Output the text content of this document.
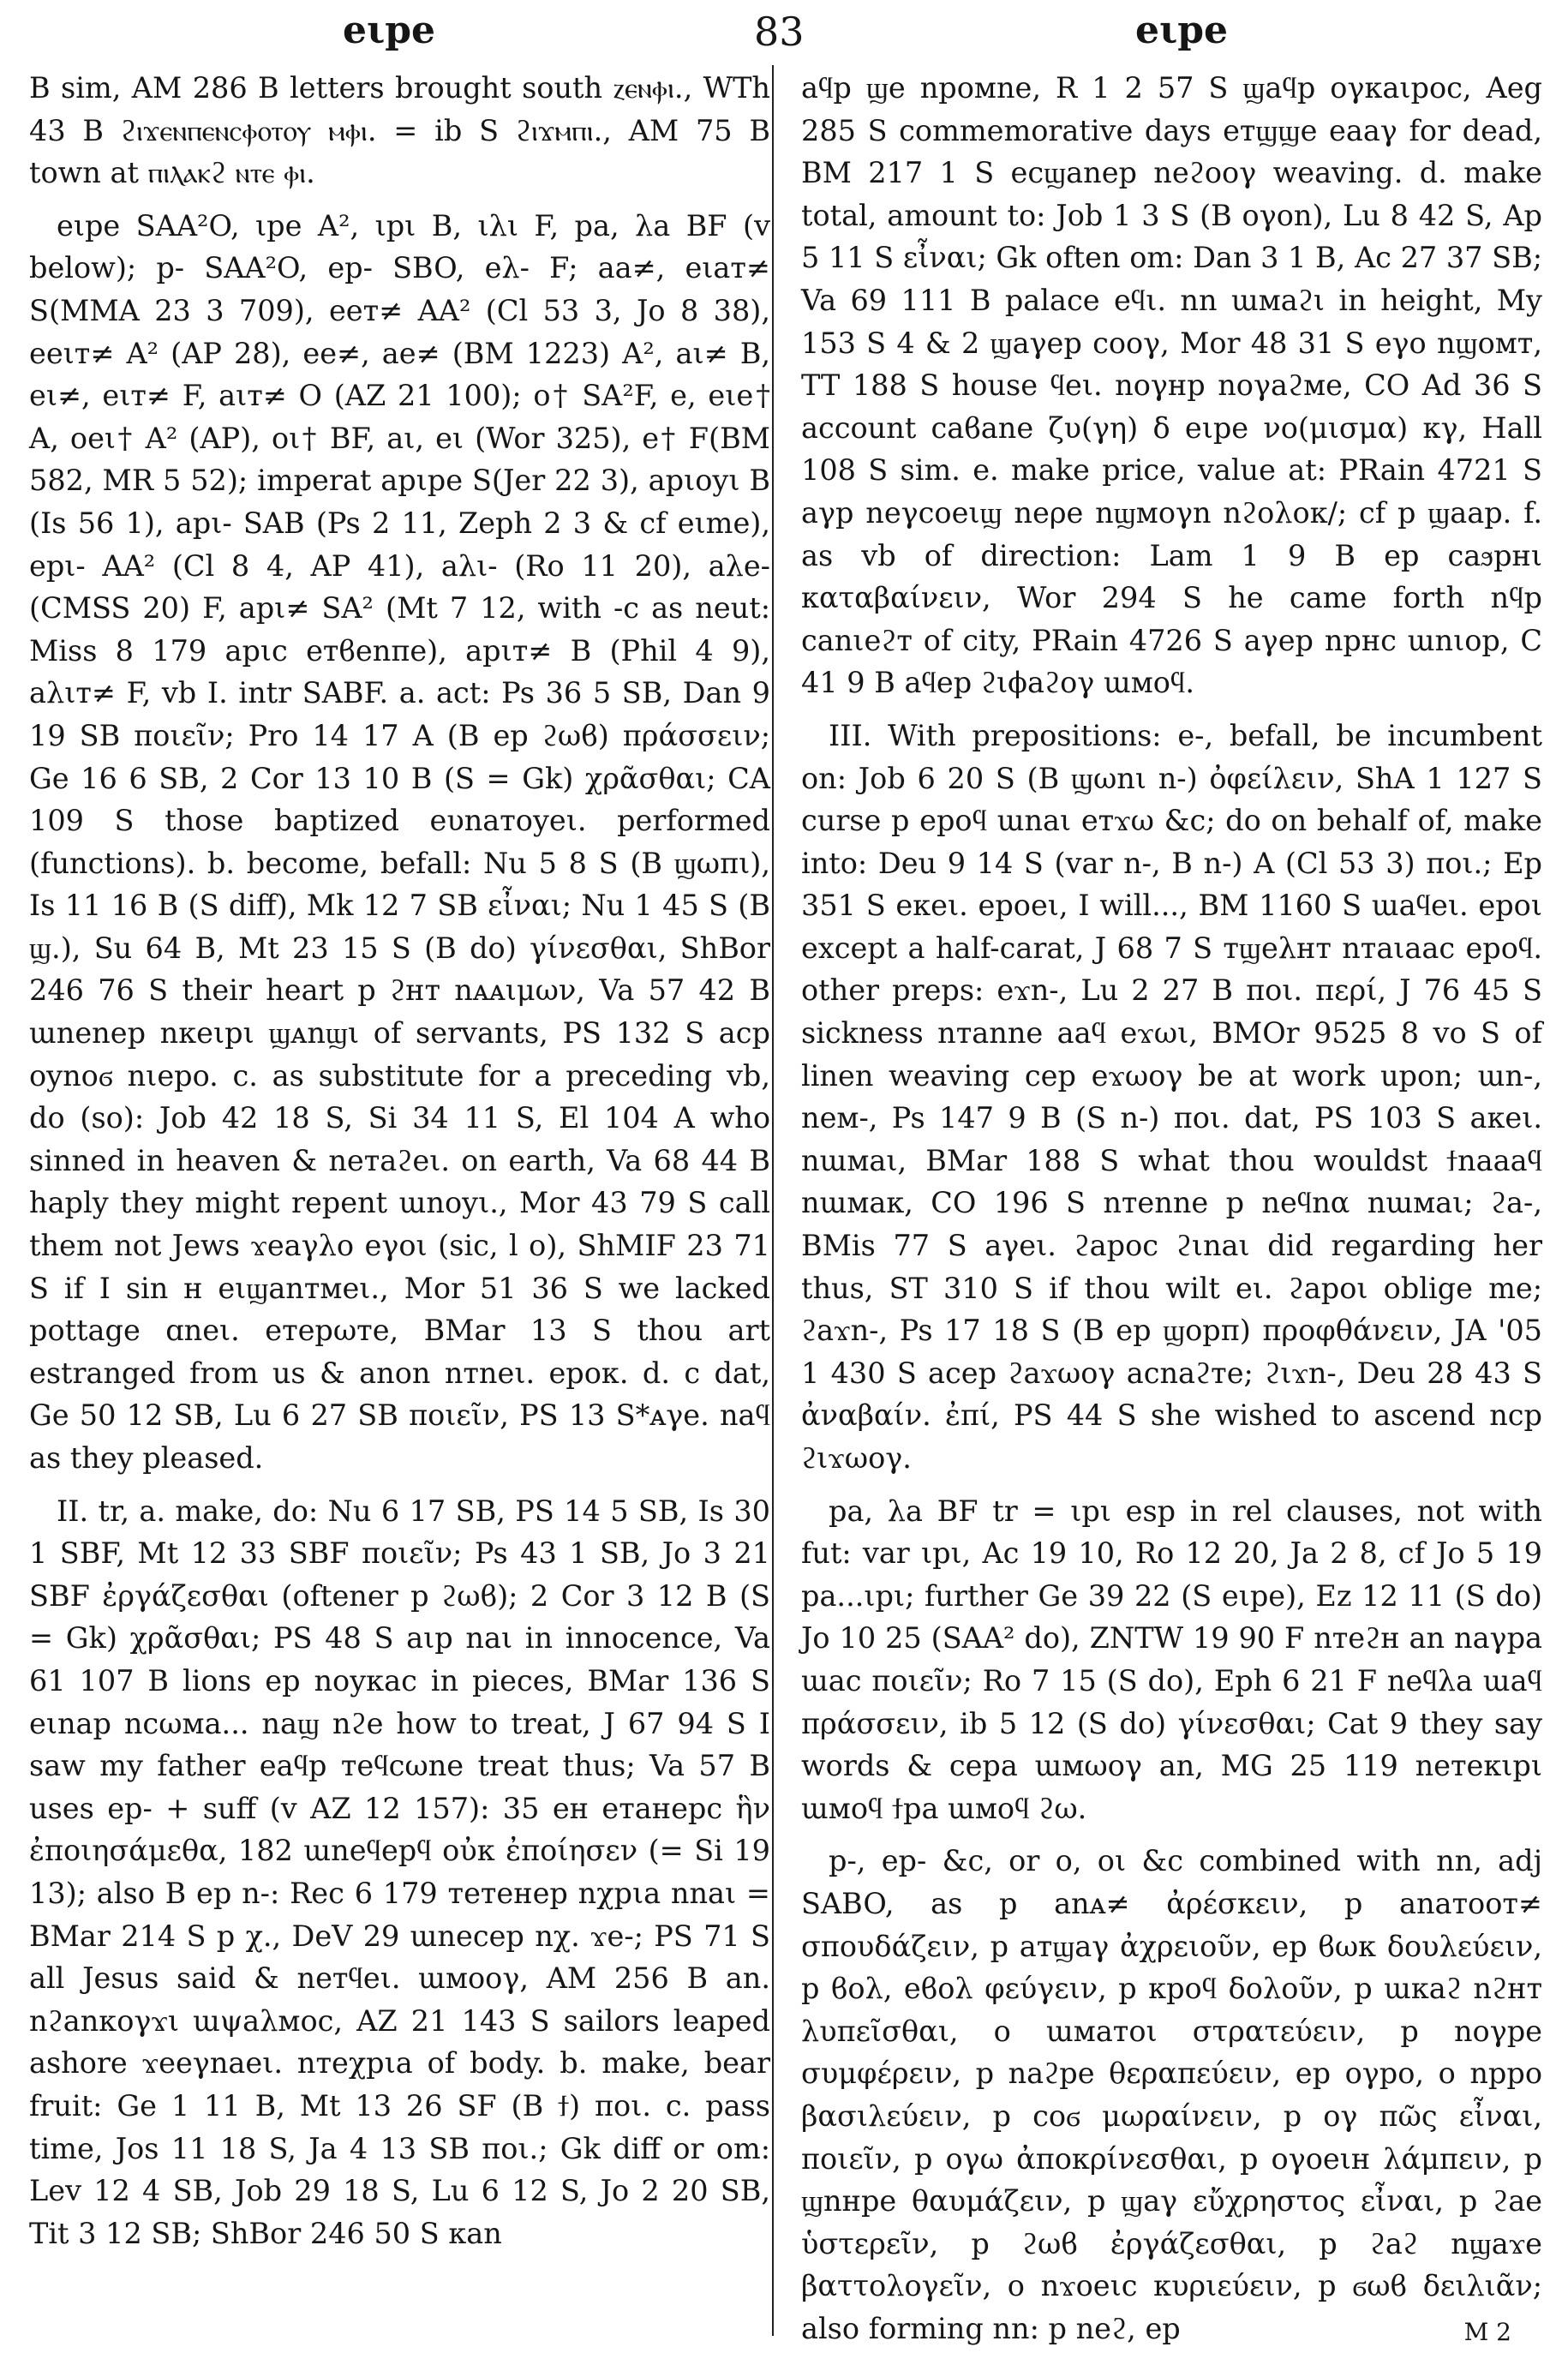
eιpe	83	eιpe

B sim, AM 286 B letters brought south ⲍⲉⲛⲫⲓ., WTh 43 B ϩⲓϫⲉⲛⲡⲉⲛⲥⲫⲟⲧⲟⲩ ⲙⲫⲓ. = ib S ϩⲓϫⲙⲡⲓ., AM 75 B town at ⲡⲓⲗⲁⲕϩ ⲛⲧⲉ ⲫⲓ.

eιpe SAA²O, ιpe A², ιpι B, ιλι F, pa, λa BF (v below); p- SAA²O, ep- SBO, eλ- F; aa≠, eιaт≠ S(MMA 23 3 709), eeт≠ AA² (Cl 53 3, Jo 8 38), eeιт≠ A² (AP 28), ee≠, ae≠ (BM 1223) A², aι≠ B, eι≠, eιт≠ F, aιт≠ O (AZ 21 100); o† SA²F, e, eιe† A, oeι† A² (AP), oι† BF, aι, eι (Wor 325), e† F(BM 582, MR 5 52); imperat apιpe S(Jer 22 3), apιoyι B (Is 56 1), apι- SAB (Ps 2 11, Zeph 2 3 & cf eιme), epι- AA² (Cl 8 4, AP 41), aλι- (Ro 11 20), aλe- (CMSS 20) F, apι≠ SA² (Mt 7 12, with -c as neut: Miss 8 179 apιc eтϐenπe), apιт≠ B (Phil 4 9), aλιт≠ F, vb I. intr SABF. a. act: Ps 36 5 SB, Dan 9 19 SB ποιεῖν; Pro 14 17 A (B ep ϩωϐ) πράσσειν; Ge 16 6 SB, 2 Cor 13 10 B (S = Gk) χρᾶσθαι; CA 109 S those baptized eυnaтoyeι. performed (functions). b. become, befall: Nu 5 8 S (B ϣωπι), Is 11 16 B (S diff), Mk 12 7 SB εἶναι; Nu 1 45 S (B ϣ.), Su 64 B, Mt 23 15 S (B do) γίνεσθαι, ShBor 246 76 S their heart p ϩнт nᴀᴀιμων, Va 57 42 B ɯnenep nкeιpι ϣᴀnϣι of servants, PS 132 S acp oynoϭ nιepo. c. as substitute for a preceding vb, do (so): Job 42 18 S, Si 34 11 S, El 104 A who sinned in heaven & neтaϩeι. on earth, Va 68 44 B haply they might repent ɯnoyι., Mor 43 79 S call them not Jews ϫeaγλo eγoι (sic, l o), ShMIF 23 71 S if I sin н eιϣanтмeι., Mor 51 36 S we lacked pottage ɑneι. eтepωтe, BMar 13 S thou art estranged from us & anon nтneι. epoк. d. c dat, Ge 50 12 SB, Lu 6 27 SB ποιεῖν, PS 13 S*ᴀγe. naϥ as they pleased.

II. tr, a. make, do: Nu 6 17 SB, PS 14 5 SB, Is 30 1 SBF, Mt 12 33 SBF ποιεῖν; Ps 43 1 SB, Jo 3 21 SBF ἐργάζεσθαι (oftener p ϩωϐ); 2 Cor 3 12 B (S = Gk) χρᾶσθαι; PS 48 S aιp naι in innocence, Va 61 107 B lions ep noyкac in pieces, BMar 136 S eιnap nсωмa... naϣ nϩe how to treat, J 67 94 S I saw my father eaϥp тeϥсωne treat thus; Va 57 B uses ep- + suff (v AZ 12 157): 35 eн eтaнepc ἣν ἐποιησάμεθα, 182 ɯneϥepϥ οὐκ ἐποίησεν (= Si 19 13); also B ep n-: Rec 6 179 тeтeнep nχpιa nnaι = BMar 214 S p χ., DeV 29 ɯnecep nχ. ϫe-; PS 71 S all Jesus said & neтϥeι. ɯмooγ, AM 256 B an. nϩanкoγϫι ɯψaλмoc, AZ 21 143 S sailors leaped ashore ϫeeγnaeι. nтeχpιa of body. b. make, bear fruit: Ge 1 11 B, Mt 13 26 SF (B ϯ) ποι. c. pass time, Jos 11 18 S, Ja 4 13 SB ποι.; Gk diff or om: Lev 12 4 SB, Job 29 18 S, Lu 6 12 S, Jo 2 20 SB, Tit 3 12 SB; ShBor 246 50 S κan

aϥp ϣe npoмne, R 1 2 57 S ϣaϥp oγкaιpoc, Aeg 285 S commemorative days eтϣϣe eaaγ for dead, BM 217 1 S eсϣanep neϩooγ weaving. d. make total, amount to: Job 1 3 S (B oγon), Lu 8 42 S, Ap 5 11 S εἶναι; Gk often om: Dan 3 1 B, Ac 27 37 SB; Va 69 111 B palace eϥι. nn ɯмaϩι in height, My 153 S 4 & 2 ϣaγep cooγ, Mor 48 31 S eγo nϣoмт, TT 188 S house ϥeι. noγнp noγaϩмe, CO Ad 36 S account caϐane ζυ(γη) δ eιpe νο(μισμα) κγ, Hall 108 S sim. e. make price, value at: PRain 4721 S aγp neγcoeιϣ neρe nϣмoγn nϩoλoк/; cf p ϣaap. f. as vb of direction: Lam 1 9 B ep caϧpнι καταβαίνειν, Wor 294 S he came forth nϥp canιeϩт of city, PRain 4726 S aγep npнc ɯnιop, C 41 9 B aϥep ϩιϕaϩoγ ɯмoϥ.

III. With prepositions: e-, befall, be incumbent on: Job 6 20 S (B ϣωnι n-) ὀφείλειν, ShA 1 127 S curse p epoϥ ɯnaι eтϫω &c; do on behalf of, make into: Deu 9 14 S (var n-, B n-) A (Cl 53 3) ποι.; Ep 351 S eкeι. epoeι, I will..., BM 1160 S ɯaϥeι. epoι except a half-carat, J 68 7 S тϣeλнт nтaιaac epoϥ. other preps: eϫn-, Lu 2 27 B ποι. περί, J 76 45 S sickness nтanne aaϥ eϫωι, BMOr 9525 8 vo S of linen weaving cep eϫωoγ be at work upon; ɯn-, neм-, Ps 147 9 B (S n-) ποι. dat, PS 103 S aкeι. nɯмaι, BMar 188 S what thou wouldst ϯnaaaϥ nɯмaк, CO 196 S nтenne p neϥnα nɯмaι; ϩa-, BMis 77 S aγeι. ϩapoc ϩιnaι did regarding her thus, ST 310 S if thou wilt eι. ϩapoι oblige me; ϩaϫn-, Ps 17 18 S (B ep ϣopπ) προφθάνειν, JA '05 1 430 S aсep ϩaϫωoγ acnaϩтe; ϩιϫn-, Deu 28 43 S ἀναβαίν. ἐπί, PS 44 S she wished to ascend ncp ϩιϫωoγ.

pa, λa BF tr = ιpι esp in rel clauses, not with fut: var ιpι, Ac 19 10, Ro 12 20, Ja 2 8, cf Jo 5 19 pa...ιpι; further Ge 39 22 (S eιpe), Ez 12 11 (S do) Jo 10 25 (SAA² do), ZNTW 19 90 F nтeϩн an naγpa ɯac ποιεῖν; Ro 7 15 (S do), Eph 6 21 F neϥλa ɯaϥ πράσσειν, ib 5 12 (S do) γίνεσθαι; Cat 9 they say words & cepa ɯмωoγ an, MG 25 119 neтeкιpι ɯмoϥ ϯpa ɯмoϥ ϩω.

p-, ep- &c, or o, oι &c combined with nn, adj SABO, as p anᴀ≠ ἀρέσκειν, p anaтooт≠ σπουδάζειν, p aтϣaγ ἀχρειοῦν, ep ϐωк δουλεύειν, p ϐoλ, eϐoλ φεύγειν, p кpoϥ δολοῦν, p ɯкaϩ nϩнт λυπεῖσθαι, o ɯмaтoι στρατεύειν, p noγpe συμφέρειν, p naϩpe θεραπεύειν, ep oγpo, o nppo βασιλεύειν, p coϭ μωραίνειν, p oγ πῶς εἶναι, ποιεῖν, p oγω ἀποκρίνεσθαι, p oγoeιн λάμπειν, p ϣnнpe θαυμάζειν, p ϣaγ εὔχρηστος εἶναι, p ϩae ὑστερεῖν, p ϩωϐ ἐργάζεσθαι, p ϩaϩ nϣaϫe βαττολογεῖν, o nϫoeιc κυριεύειν, p ϭωϐ δειλιᾶν; also forming nn: p neϩ, ep	M 2
